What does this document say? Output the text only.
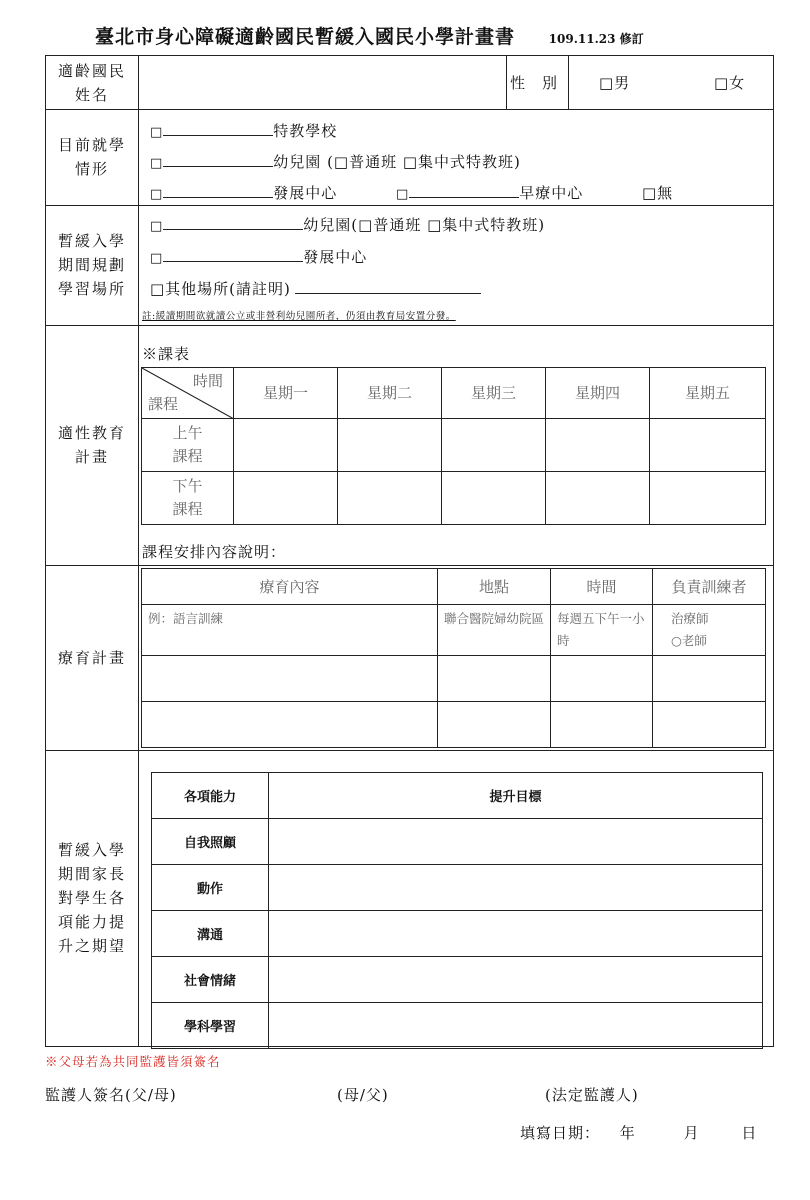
臺北市身心障礙適齡國民暫緩入國民小學計畫書	109.11.23 修訂
適齡國民
姓名
性　別	□男	□女
目前就學
情形
□	特教學校
□	幼兒園 (□普通班 □集中式特教班)
□	發展中心	□	早療中心	□無
暫緩入學
期間規劃
學習場所
□	幼兒園(□普通班 □集中式特教班)
□	發展中心
□其他場所(請註明)
註:緩讀期間欲就讀公立或非營利幼兒園所者，仍須由教育局安置分發。
適性教育
計畫
※課表
時間
課程	星期一	星期二	星期三	星期四	星期五

上午
課程					

下午
課程					

課程安排內容說明：
療育計畫
療育內容	地點	時間	負責訓練者
例：語言訓練	聯合醫院婦幼院區	每週五下午一小時	治療師
○老師

暫緩入學
期間家長
對學生各
項能力提
升之期望
各項能力	提升目標
自我照顧	
動作	
溝通	
社會情緒	
學科學習	
※父母若為共同監護皆須簽名
監護人簽名(父/母)	(母/父)	(法定監護人)
填寫日期： 年	月	日
